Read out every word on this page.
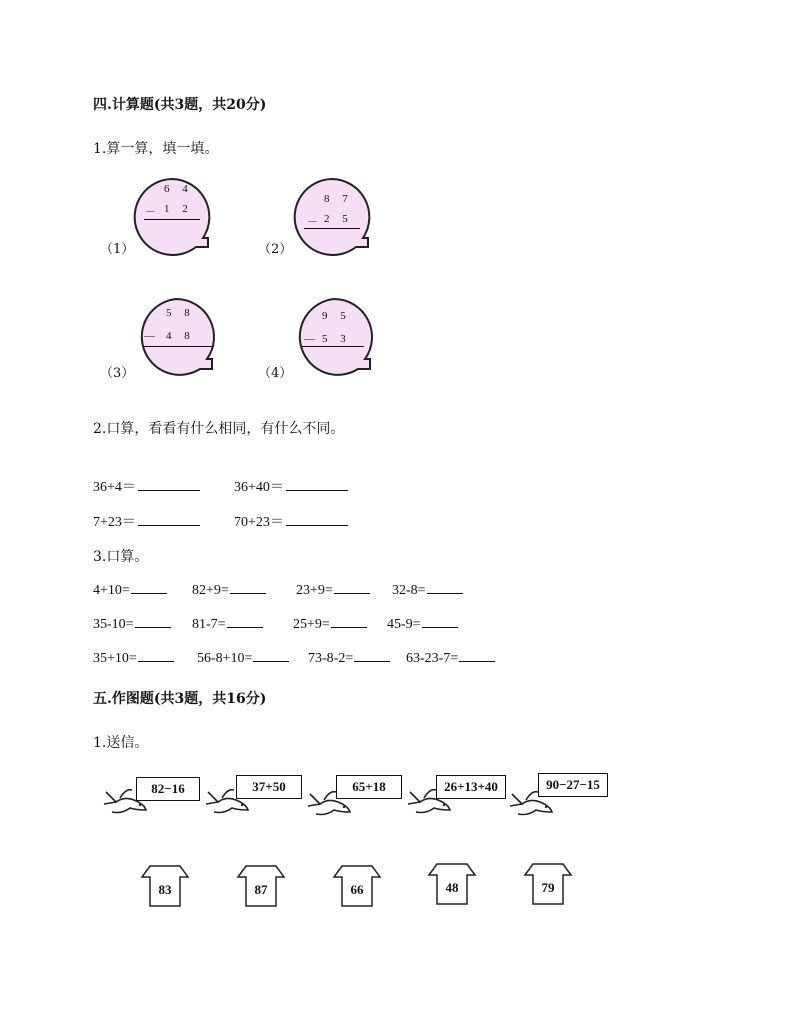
四.计算题(共3题，共20分)
1.算一算，填一填。
（1）
6 4
－ 1 2
（2）
8 7
－ 2 5
（3）
5 8
— 4 8
（4）
9 5
— 5 3
2.口算，看看有什么相同，有什么不同。
36+4＝	36+40＝
7+23＝	70+23＝
3.口算。
4+10=	82+9=	23+9=	32-8=
35-10=	81-7=	25+9=	45-9=
35+10=	56-8+10=	73-8-2=	63-23-7=
五.作图题(共3题，共16分)
1.送信。
82−16	37+50	65+18	26+13+40	90−27−15
83	87	66	48	79
